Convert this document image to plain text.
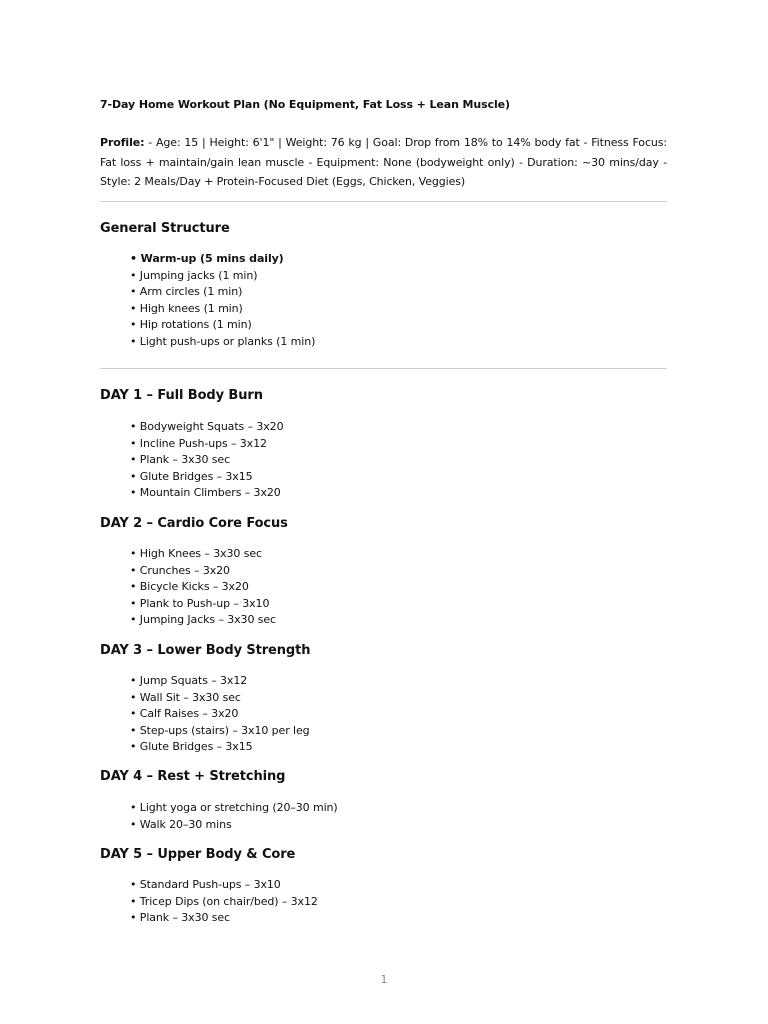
7-Day Home Workout Plan (No Equipment, Fat Loss + Lean Muscle)
Profile: - Age: 15 | Height: 6'1" | Weight: 76 kg | Goal: Drop from 18% to 14% body fat - Fitness Focus: Fat loss + maintain/gain lean muscle - Equipment: None (bodyweight only) - Duration: ~30 mins/day - Style: 2 Meals/Day + Protein-Focused Diet (Eggs, Chicken, Veggies)
General Structure
• Warm-up (5 mins daily)
• Jumping jacks (1 min)
• Arm circles (1 min)
• High knees (1 min)
• Hip rotations (1 min)
• Light push-ups or planks (1 min)
DAY 1 – Full Body Burn
• Bodyweight Squats – 3x20
• Incline Push-ups – 3x12
• Plank – 3x30 sec
• Glute Bridges – 3x15
• Mountain Climbers – 3x20
DAY 2 – Cardio Core Focus
• High Knees – 3x30 sec
• Crunches – 3x20
• Bicycle Kicks – 3x20
• Plank to Push-up – 3x10
• Jumping Jacks – 3x30 sec
DAY 3 – Lower Body Strength
• Jump Squats – 3x12
• Wall Sit – 3x30 sec
• Calf Raises – 3x20
• Step-ups (stairs) – 3x10 per leg
• Glute Bridges – 3x15
DAY 4 – Rest + Stretching
• Light yoga or stretching (20–30 min)
• Walk 20–30 mins
DAY 5 – Upper Body & Core
• Standard Push-ups – 3x10
• Tricep Dips (on chair/bed) – 3x12
• Plank – 3x30 sec
1
